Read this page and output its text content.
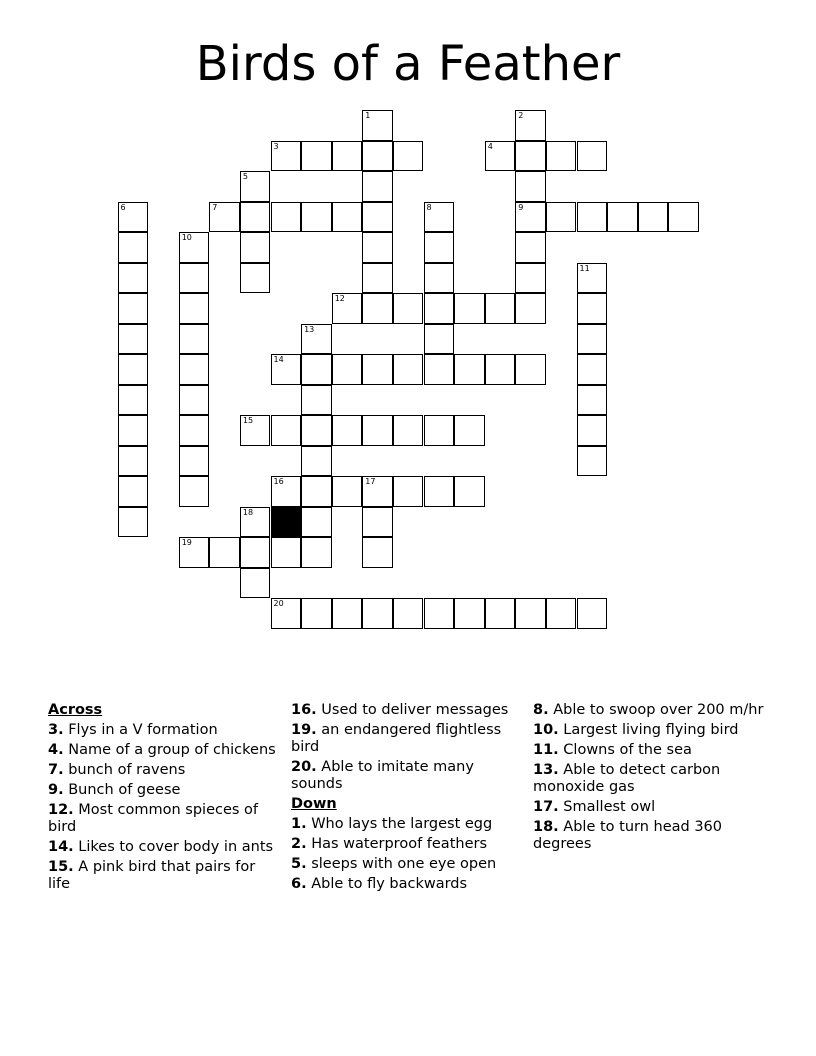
Birds of a Feather
1	2
3	4
5
6	7	8	9
10
11
12
13
14
15
16	17
18
19
20
Across
3. Flys in a V formation
4. Name of a group of chickens
7. bunch of ravens
9. Bunch of geese
12. Most common spieces of bird
14. Likes to cover body in ants
15. A pink bird that pairs for life
16. Used to deliver messages
19. an endangered flightless bird
20. Able to imitate many sounds
Down
1. Who lays the largest egg
2. Has waterproof feathers
5. sleeps with one eye open
6. Able to fly backwards
8. Able to swoop over 200 m/hr
10. Largest living flying bird
11. Clowns of the sea
13. Able to detect carbon monoxide gas
17. Smallest owl
18. Able to turn head 360 degrees
